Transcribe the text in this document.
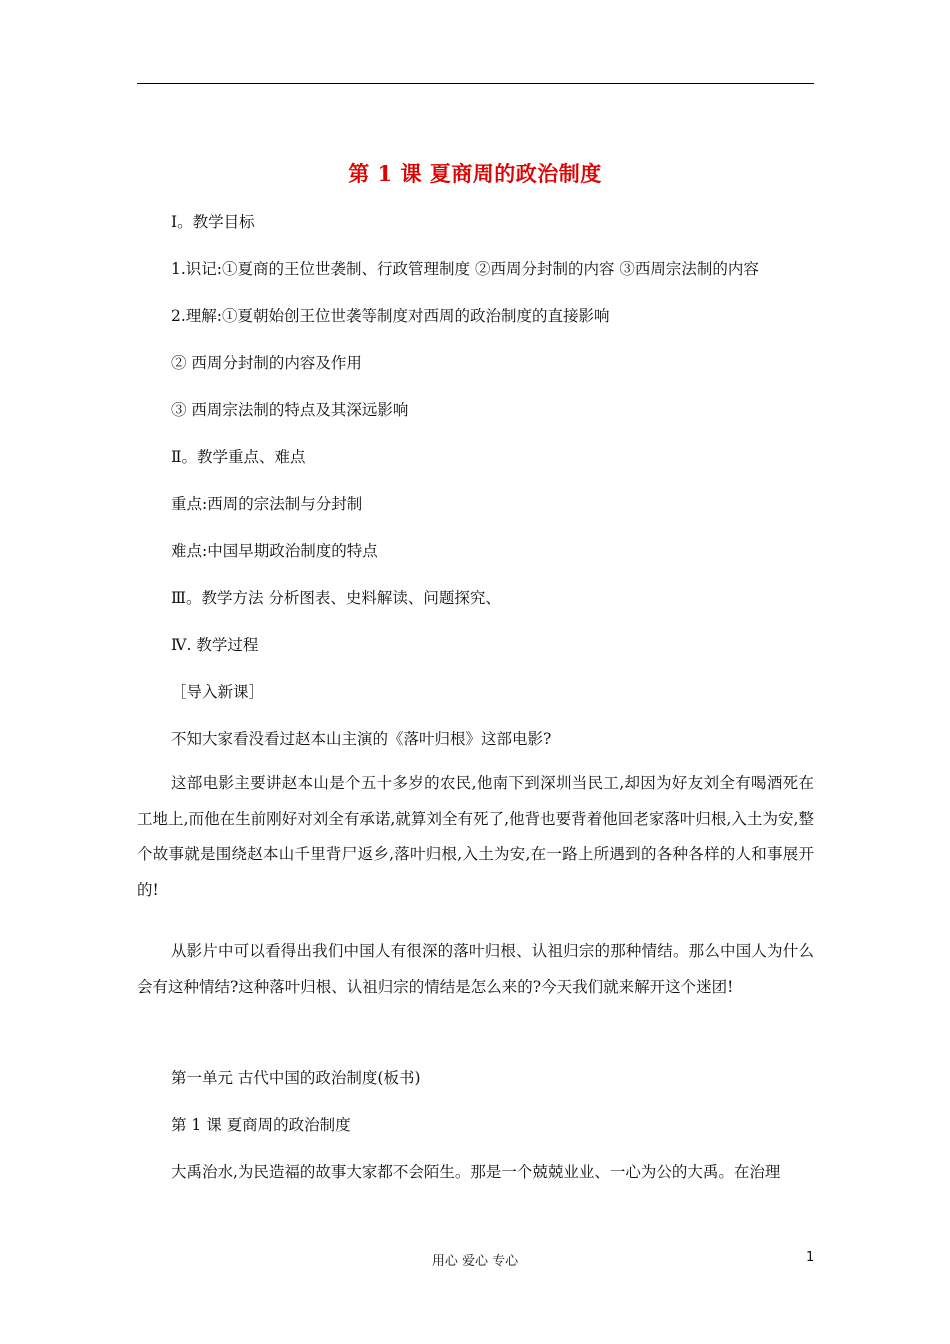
第 1 课 夏商周的政治制度
Ⅰ。教学目标
1.识记:①夏商的王位世袭制、行政管理制度 ②西周分封制的内容 ③西周宗法制的内容
2.理解:①夏朝始创王位世袭等制度对西周的政治制度的直接影响
② 西周分封制的内容及作用
③ 西周宗法制的特点及其深远影响
Ⅱ。教学重点、难点
重点:西周的宗法制与分封制
难点:中国早期政治制度的特点
Ⅲ。教学方法 分析图表、史料解读、问题探究、
Ⅳ. 教学过程
［导入新课］
不知大家看没看过赵本山主演的《落叶归根》这部电影?
这部电影主要讲赵本山是个五十多岁的农民,他南下到深圳当民工,却因为好友刘全有喝酒死在工地上,而他在生前刚好对刘全有承诺,就算刘全有死了,他背也要背着他回老家落叶归根,入土为安,整个故事就是围绕赵本山千里背尸返乡,落叶归根,入土为安,在一路上所遇到的各种各样的人和事展开的!
从影片中可以看得出我们中国人有很深的落叶归根、认祖归宗的那种情结。那么中国人为什么会有这种情结?这种落叶归根、认祖归宗的情结是怎么来的?今天我们就来解开这个迷团!
第一单元 古代中国的政治制度(板书)
第 1 课 夏商周的政治制度
大禹治水,为民造福的故事大家都不会陌生。那是一个兢兢业业、一心为公的大禹。在治理
用心 爱心 专心	1
